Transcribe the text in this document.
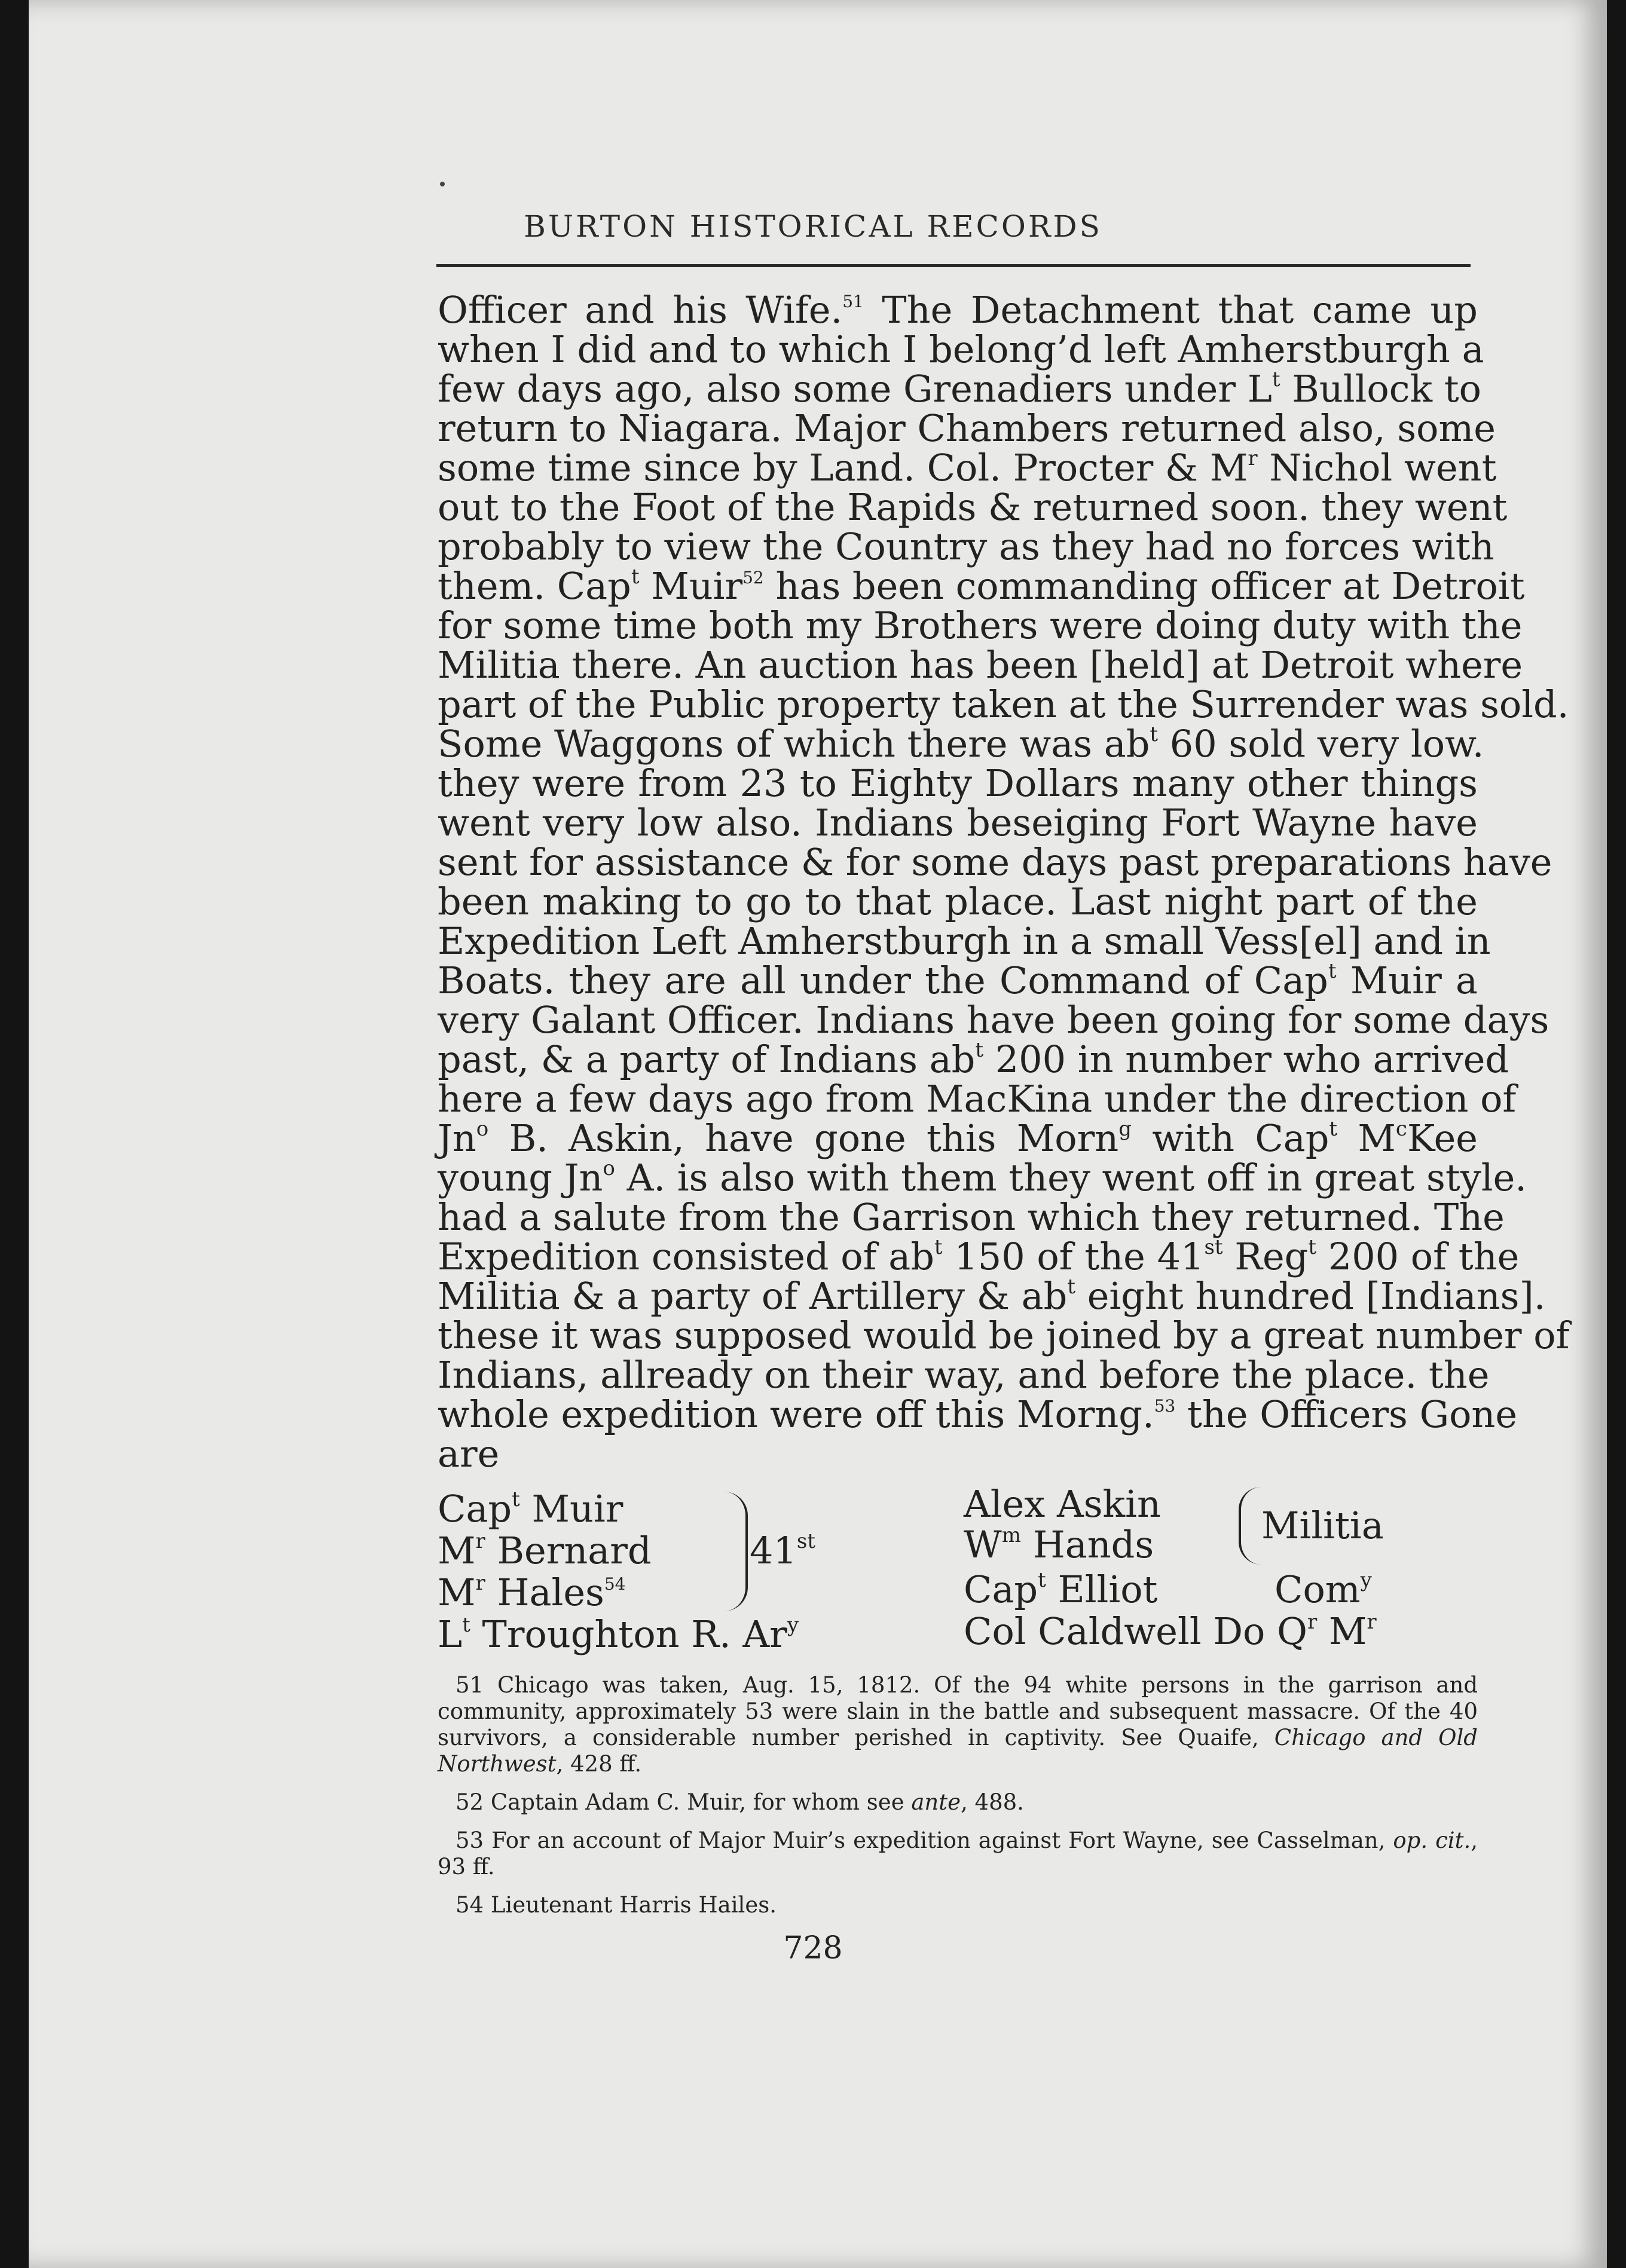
BURTON HISTORICAL RECORDS
Officer and his Wife.$^{51}$ The Detachment that came up
when I did and to which I belong’d left Amherstburgh a
few days ago, also some Grenadiers under $L^t$ Bullock to
return to Niagara. Major Chambers returned also, some
some time since by Land. Col. Procter & $M^r$ Nichol went
out to the Foot of the Rapids & returned soon. they went
probably to view the Country as they had no forces with
them. Cap$^t$ Muir$^{52}$ has been commanding officer at Detroit
for some time both my Brothers were doing duty with the
Militia there. An auction has been [held] at Detroit where
part of the Public property taken at the Surrender was sold.
Some Waggons of which there was $ab^t$ 60 sold very low.
they were from 23 to Eighty Dollars many other things
went very low also. Indians beseiging Fort Wayne have
sent for assistance & for some days past preparations have
been making to go to that place. Last night part of the
Expedition Left Amherstburgh in a small Vess[el] and in
Boats. they are all under the Command of Cap$^t$ Muir a
very Galant Officer. Indians have been going for some days
past, & a party of Indians $ab^t$ 200 in number who arrived
here a few days ago from MacKina under the direction of
Jn$^o$ B. Askin, have gone this Morn$^g$ with Cap$^t$ $M^cKee$
young Jn$^o$ A. is also with them they went off in great style.
had a salute from the Garrison which they returned. The
Expedition consisted of $ab^t$ 150 of the 41st Reg$^t$ 200 of the
Militia & a party of Artillery & $ab^t$ eight hundred [Indians].
these it was supposed would be joined by a great number of
Indians, allready on their way, and before the place. the
whole expedition were off this Morng.$^{53}$ the Officers Gone
are
Cap$^t$ Muir
$M^r$ Bernard
$M^r$ Hales$^{54}$
$L^t$ Troughton R. Ar$^y$
41st
Alex Askin
$W^m$ Hands
Cap$^t$ Elliot
Col Caldwell Do $Q^r$ $M^r$
Militia
Com$^y$
51 Chicago was taken, Aug. 15, 1812. Of the 94 white persons in the garrison and community, approximately 53 were slain in the battle and subsequent massacre. Of the 40 survivors, a considerable number perished in captivity. See Quaife, Chicago and Old Northwest, 428 ff.
52 Captain Adam C. Muir, for whom see ante, 488.
53 For an account of Major Muir’s expedition against Fort Wayne, see Casselman, op. cit., 93 ff.
54 Lieutenant Harris Hailes.
728
